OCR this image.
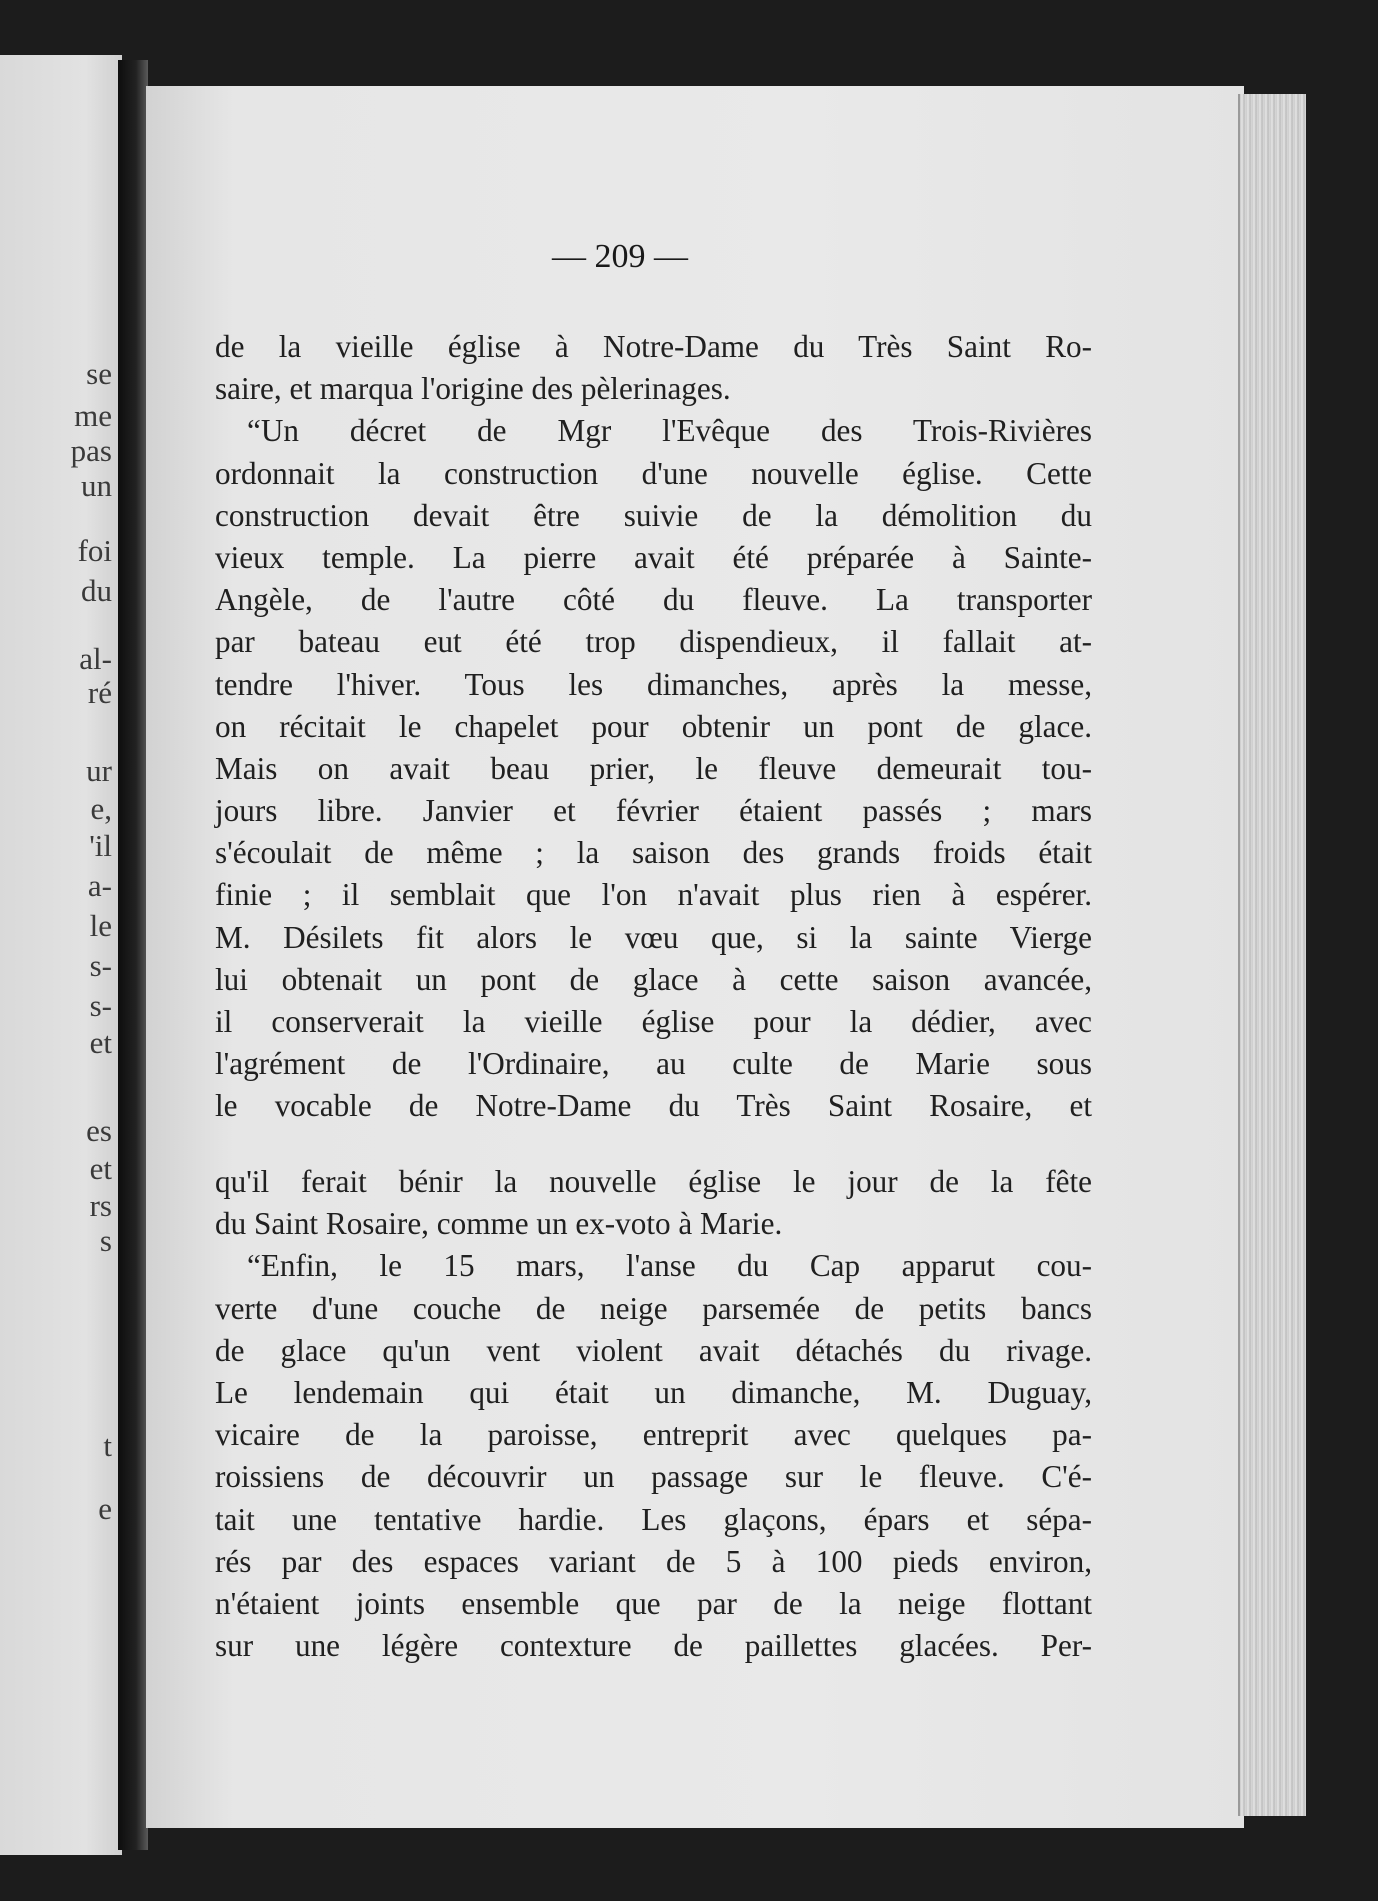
se
me
pas
un
foi
du
al-
ré
ur
e,
'il
a-
le
s-
s-
et
es
et
rs
s
t
e
— 209 —
de la vieille église à Notre-Dame du Très Saint Ro-
saire, et marqua l'origine des pèlerinages.
“Un décret de Mgr l'Evêque des Trois-Rivières
ordonnait la construction d'une nouvelle église. Cette
construction devait être suivie de la démolition du
vieux temple. La pierre avait été préparée à Sainte-
Angèle, de l'autre côté du fleuve. La transporter
par bateau eut été trop dispendieux, il fallait at-
tendre l'hiver. Tous les dimanches, après la messe,
on récitait le chapelet pour obtenir un pont de glace.
Mais on avait beau prier, le fleuve demeurait tou-
jours libre. Janvier et février étaient passés ; mars
s'écoulait de même ; la saison des grands froids était
finie ; il semblait que l'on n'avait plus rien à espérer.
M. Désilets fit alors le vœu que, si la sainte Vierge
lui obtenait un pont de glace à cette saison avancée,
il conserverait la vieille église pour la dédier, avec
l'agrément de l'Ordinaire, au culte de Marie sous
le vocable de Notre-Dame du Très Saint Rosaire, et
qu'il ferait bénir la nouvelle église le jour de la fête
du Saint Rosaire, comme un ex-voto à Marie.
“Enfin, le 15 mars, l'anse du Cap apparut cou-
verte d'une couche de neige parsemée de petits bancs
de glace qu'un vent violent avait détachés du rivage.
Le lendemain qui était un dimanche, M. Duguay,
vicaire de la paroisse, entreprit avec quelques pa-
roissiens de découvrir un passage sur le fleuve. C'é-
tait une tentative hardie. Les glaçons, épars et sépa-
rés par des espaces variant de 5 à 100 pieds environ,
n'étaient joints ensemble que par de la neige flottant
sur une légère contexture de paillettes glacées. Per-
